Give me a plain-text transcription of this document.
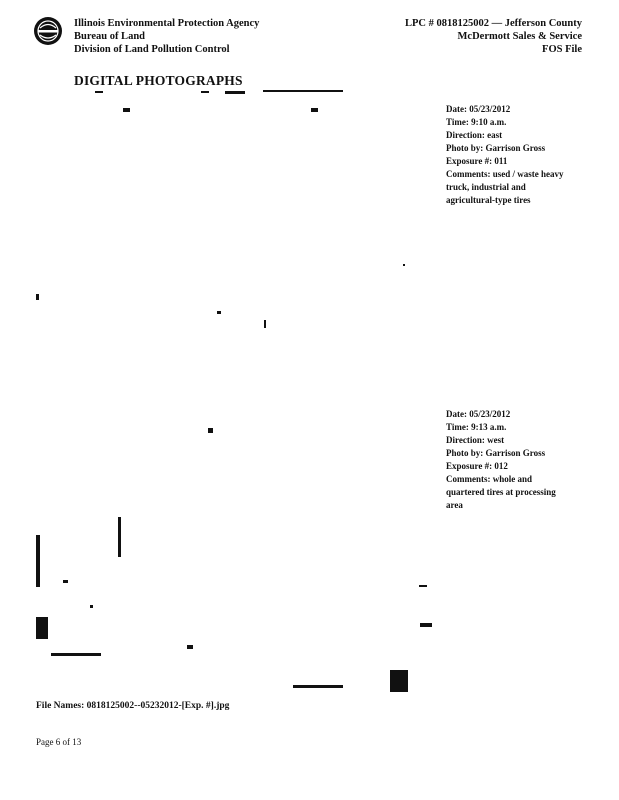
Illinois Environmental Protection Agency
Bureau of Land
Division of Land Pollution Control
LPC # 0818125002 — Jefferson County
McDermott Sales & Service
FOS File
DIGITAL PHOTOGRAPHS
Date: 05/23/2012
Time: 9:10 a.m.
Direction: east
Photo by: Garrison Gross
Exposure #: 011
Comments: used / waste heavy truck, industrial and agricultural-type tires
Date: 05/23/2012
Time: 9:13 a.m.
Direction: west
Photo by: Garrison Gross
Exposure #: 012
Comments: whole and quartered tires at processing area
File Names: 0818125002--05232012-[Exp. #].jpg
Page 6 of 13
